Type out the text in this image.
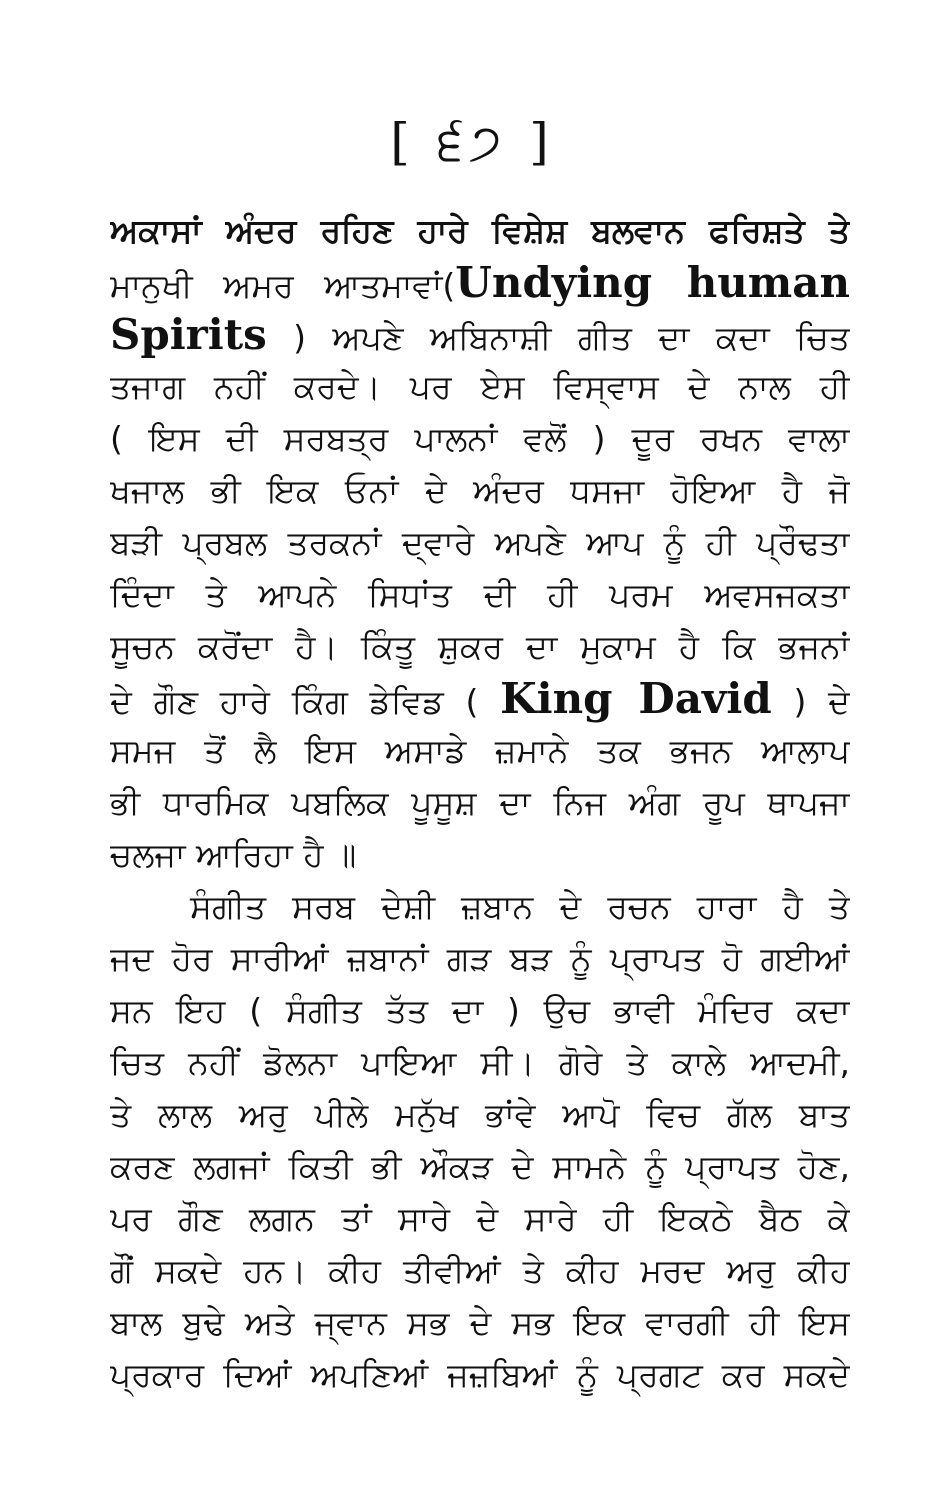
[ ੬੭ ]
ਅਕਾਸਾਂ ਅੰਦਰ ਰਹਿਣ ਹਾਰੇ ਵਿਸ਼ੇਸ਼ ਬਲਵਾਨ ਫਰਿਸ਼ਤੇ ਤੇ
ਮਾਨੁਖੀ ਅਮਰ ਆਤਮਾਵਾਂ(Undying human
Spirits ) ਅਪਣੇ ਅਬਿਨਾਸ਼ੀ ਗੀਤ ਦਾ ਕਦਾ ਚਿਤ
ਤਜਾਗ ਨਹੀਂ ਕਰਦੇ। ਪਰ ਏਸ ਵਿਸ੍ਵਾਸ ਦੇ ਨਾਲ ਹੀ
( ਇਸ ਦੀ ਸਰਬਤ੍ਰ ਪਾਲਨਾਂ ਵਲੋਂ ) ਦੂਰ ਰਖਨ ਵਾਲਾ
ਖਜਾਲ ਭੀ ਇਕ ਓਨਾਂ ਦੇ ਅੰਦਰ ਧਸਜਾ ਹੋਇਆ ਹੈ ਜੋ
ਬੜੀ ਪ੍ਰਬਲ ਤਰਕਨਾਂ ਦ੍ਵਾਰੇ ਅਪਣੇ ਆਪ ਨੂੰ ਹੀ ਪ੍ਰੌਢਤਾ
ਦਿੰਦਾ ਤੇ ਆਪਨੇ ਸਿਧਾਂਤ ਦੀ ਹੀ ਪਰਮ ਅਵਸਜਕਤਾ
ਸੂਚਨ ਕਰੋਂਦਾ ਹੈ। ਕਿੰਤੂ ਸ਼ੁਕਰ ਦਾ ਮੁਕਾਮ ਹੈ ਕਿ ਭਜਨਾਂ
ਦੇ ਗੌਣ ਹਾਰੇ ਕਿੰਗ ਡੇਵਿਡ ( King David ) ਦੇ
ਸਮਜ ਤੋਂ ਲੈ ਇਸ ਅਸਾਡੇ ਜ਼ਮਾਨੇ ਤਕ ਭਜਨ ਆਲਾਪ
ਭੀ ਧਾਰਮਿਕ ਪਬਲਿਕ ਪੂਸੂਸ਼ ਦਾ ਨਿਜ ਅੰਗ ਰੂਪ ਥਾਪਜਾ
ਚਲਜਾ ਆਰਿਹਾ ਹੈ ॥
ਸੰਗੀਤ ਸਰਬ ਦੇਸ਼ੀ ਜ਼ਬਾਨ ਦੇ ਰਚਨ ਹਾਰਾ ਹੈ ਤੇ
ਜਦ ਹੋਰ ਸਾਰੀਆਂ ਜ਼ਬਾਨਾਂ ਗੜ ਬੜ ਨੂੰ ਪ੍ਰਾਪਤ ਹੋ ਗਈਆਂ
ਸਨ ਇਹ ( ਸੰਗੀਤ ਤੱਤ ਦਾ ) ਉਚ ਭਾਵੀ ਮੰਦਿਰ ਕਦਾ
ਚਿਤ ਨਹੀਂ ਡੋਲਨਾ ਪਾਇਆ ਸੀ। ਗੋਰੇ ਤੇ ਕਾਲੇ ਆਦਮੀ,
ਤੇ ਲਾਲ ਅਰੁ ਪੀਲੇ ਮਨੁੱਖ ਭਾਂਵੇ ਆਪੋ ਵਿਚ ਗੱਲ ਬਾਤ
ਕਰਣ ਲਗਜਾਂ ਕਿਤੀ ਭੀ ਔਕੜ ਦੇ ਸਾਮਨੇ ਨੂੰ ਪ੍ਰਾਪਤ ਹੋਣ,
ਪਰ ਗੌਣ ਲਗਨ ਤਾਂ ਸਾਰੇ ਦੇ ਸਾਰੇ ਹੀ ਇਕਠੇ ਬੈਠ ਕੇ
ਗੌਂ ਸਕਦੇ ਹਨ। ਕੀਹ ਤੀਵੀਆਂ ਤੇ ਕੀਹ ਮਰਦ ਅਰੁ ਕੀਹ
ਬਾਲ ਬੁਢੇ ਅਤੇ ਜ੍ਵਾਨ ਸਭ ਦੇ ਸਭ ਇਕ ਵਾਰਗੀ ਹੀ ਇਸ
ਪ੍ਰਕਾਰ ਦਿਆਂ ਅਪਣਿਆਂ ਜਜ਼ਬਿਆਂ ਨੂੰ ਪ੍ਰਗਟ ਕਰ ਸਕਦੇ
